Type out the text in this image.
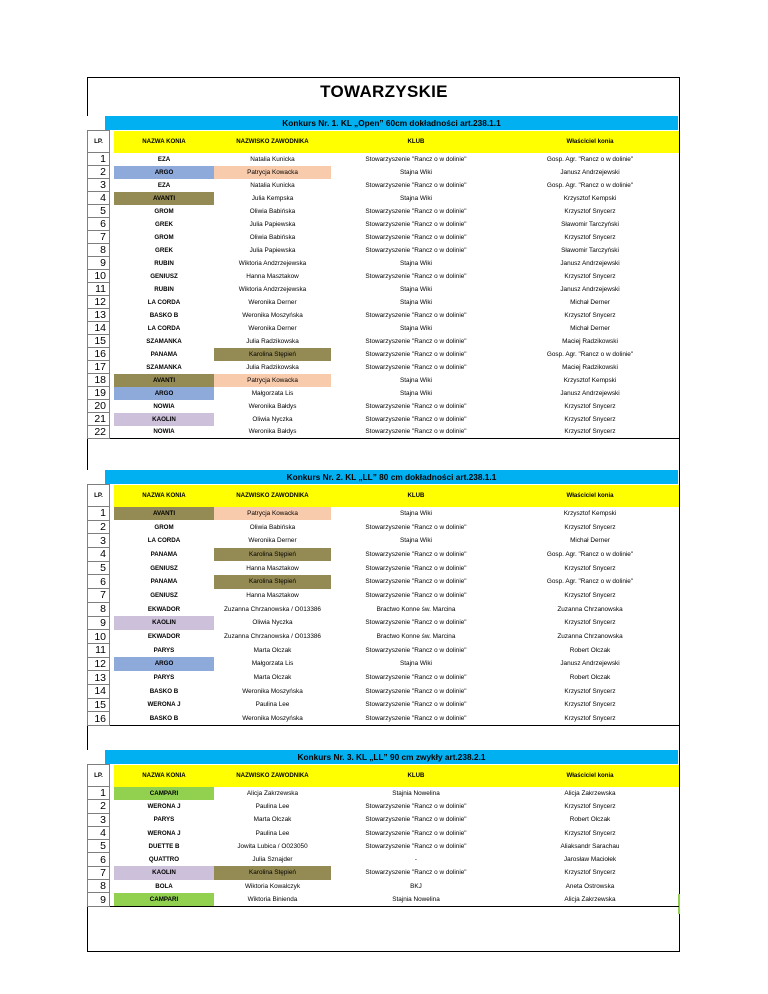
TOWARZYSKIE
Konkurs Nr. 1. KL „Open” 60cm dokładności art.238.1.1
LP.		NAZWA KONIA	NAZWISKO ZAWODNIKA	KLUB	Właściciel konia
1		EZA	Natalia Kunicka	Stowarzyszenie "Rancz o w dolinie"	Gosp. Agr. "Rancz o w dolinie"
2		ARGO	Patrycja Kowacka	Stajna Wiki	Janusz Andrzejewski
3		EZA	Natalia Kunicka	Stowarzyszenie "Rancz o w dolinie"	Gosp. Agr. "Rancz o w dolinie"
4		AVANTI	Julia Kempska	Stajna Wiki	Krzysztof Kempski
5		GROM	Oliwia Babińska	Stowarzyszenie "Rancz o w dolinie"	Krzysztof Snycerz
6		GREK	Julia Papiewska	Stowarzyszenie "Rancz o w dolinie"	Sławomir Tarczyński
7		GROM	Oliwia Babińska	Stowarzyszenie "Rancz o w dolinie"	Krzysztof Snycerz
8		GREK	Julia Papiewska	Stowarzyszenie "Rancz o w dolinie"	Sławomir Tarczyński
9		RUBIN	Wiktoria Andzrzejewska	Stajna Wiki	Janusz Andrzejewski
10		GENIUSZ	Hanna Masztakow	Stowarzyszenie "Rancz o w dolinie"	Krzysztof Snycerz
11		RUBIN	Wiktoria Andzrzejewska	Stajna Wiki	Janusz Andrzejewski
12		LA CORDA	Weronika Derner	Stajna Wiki	Michał Derner
13		BASKO B	Weronika Moszyńska	Stowarzyszenie "Rancz o w dolinie"	Krzysztof Snycerz
14		LA CORDA	Weronika Derner	Stajna Wiki	Michał Derner
15		SZAMANKA	Julia Radzikowska	Stowarzyszenie "Rancz o w dolinie"	Maciej Radzikowski
16		PANAMA	Karolina Stępień	Stowarzyszenie "Rancz o w dolinie"	Gosp. Agr. "Rancz o w dolinie"
17		SZAMANKA	Julia Radzikowska	Stowarzyszenie "Rancz o w dolinie"	Maciej Radzikowski
18		AVANTI	Patrycja Kowacka	Stajna Wiki	Krzysztof Kempski
19		ARGO	Małgorzata Lis	Stajna Wiki	Janusz Andrzejewski
20		NOWIA	Weronika Bałdys	Stowarzyszenie "Rancz o w dolinie"	Krzysztof Snycerz
21		KAOLIN	Oliwia Nyczka	Stowarzyszenie "Rancz o w dolinie"	Krzysztof Snycerz
22		NOWIA	Weronika Bałdys	Stowarzyszenie "Rancz o w dolinie"	Krzysztof Snycerz
Konkurs Nr. 2. KL „LL” 80 cm dokładności art.238.1.1
LP.		NAZWA KONIA	NAZWISKO ZAWODNIKA	KLUB	Właściciel konia
1		AVANTI	Patrycja Kowacka	Stajna Wiki	Krzysztof Kempski
2		GROM	Oliwia Babińska	Stowarzyszenie "Rancz o w dolinie"	Krzysztof Snycerz
3		LA CORDA	Weronika Derner	Stajna Wiki	Michał Derner
4		PANAMA	Karolina Stępień	Stowarzyszenie "Rancz o w dolinie"	Gosp. Agr. "Rancz o w dolinie"
5		GENIUSZ	Hanna Masztakow	Stowarzyszenie "Rancz o w dolinie"	Krzysztof Snycerz
6		PANAMA	Karolina Stępień	Stowarzyszenie "Rancz o w dolinie"	Gosp. Agr. "Rancz o w dolinie"
7		GENIUSZ	Hanna Masztakow	Stowarzyszenie "Rancz o w dolinie"	Krzysztof Snycerz
8		EKWADOR	Zuzanna Chrzanowska / O013386	Bractwo Konne św. Marcina	Zuzanna Chrzanowska
9		KAOLIN	Oliwia Nyczka	Stowarzyszenie "Rancz o w dolinie"	Krzysztof Snycerz
10		EKWADOR	Zuzanna Chrzanowska / O013386	Bractwo Konne św. Marcina	Zuzanna Chrzanowska
11		PARYS	Marta Olczak	Stowarzyszenie "Rancz o w dolinie"	Robert Olczak
12		ARGO	Małgorzata Lis	Stajna Wiki	Janusz Andrzejewski
13		PARYS	Marta Olczak	Stowarzyszenie "Rancz o w dolinie"	Robert Olczak
14		BASKO B	Weronika Moszyńska	Stowarzyszenie "Rancz o w dolinie"	Krzysztof Snycerz
15		WERONA J	Paulina Lee	Stowarzyszenie "Rancz o w dolinie"	Krzysztof Snycerz
16		BASKO B	Weronika Moszyńska	Stowarzyszenie "Rancz o w dolinie"	Krzysztof Snycerz
Konkurs Nr. 3. KL „LL” 90 cm zwykły art.238.2.1
LP.		NAZWA KONIA	NAZWISKO ZAWODNIKA	KLUB	Właściciel konia
1		CAMPARI	Alicja Zakrzewska	Stajnia Nowelina	Alicja Zakrzewska
2		WERONA J	Paulina Lee	Stowarzyszenie "Rancz o w dolinie"	Krzysztof Snycerz
3		PARYS	Marta Olczak	Stowarzyszenie "Rancz o w dolinie"	Robert Olczak
4		WERONA J	Paulina Lee	Stowarzyszenie "Rancz o w dolinie"	Krzysztof Snycerz
5		DUETTE B	Jowita Lubica / O023050	Stowarzyszenie "Rancz o w dolinie"	Aliaksandr Sarachau
6		QUATTRO	Julia Sznajder	-	Jarosław Maciołek
7		KAOLIN	Karolina Stępień	Stowarzyszenie "Rancz o w dolinie"	Krzysztof Snycerz
8		BOLA	Wiktoria Kowalczyk	BKJ	Aneta Ostrowska
9		CAMPARI	Wiktoria Binienda	Stajnia Nowelina	Alicja Zakrzewska
